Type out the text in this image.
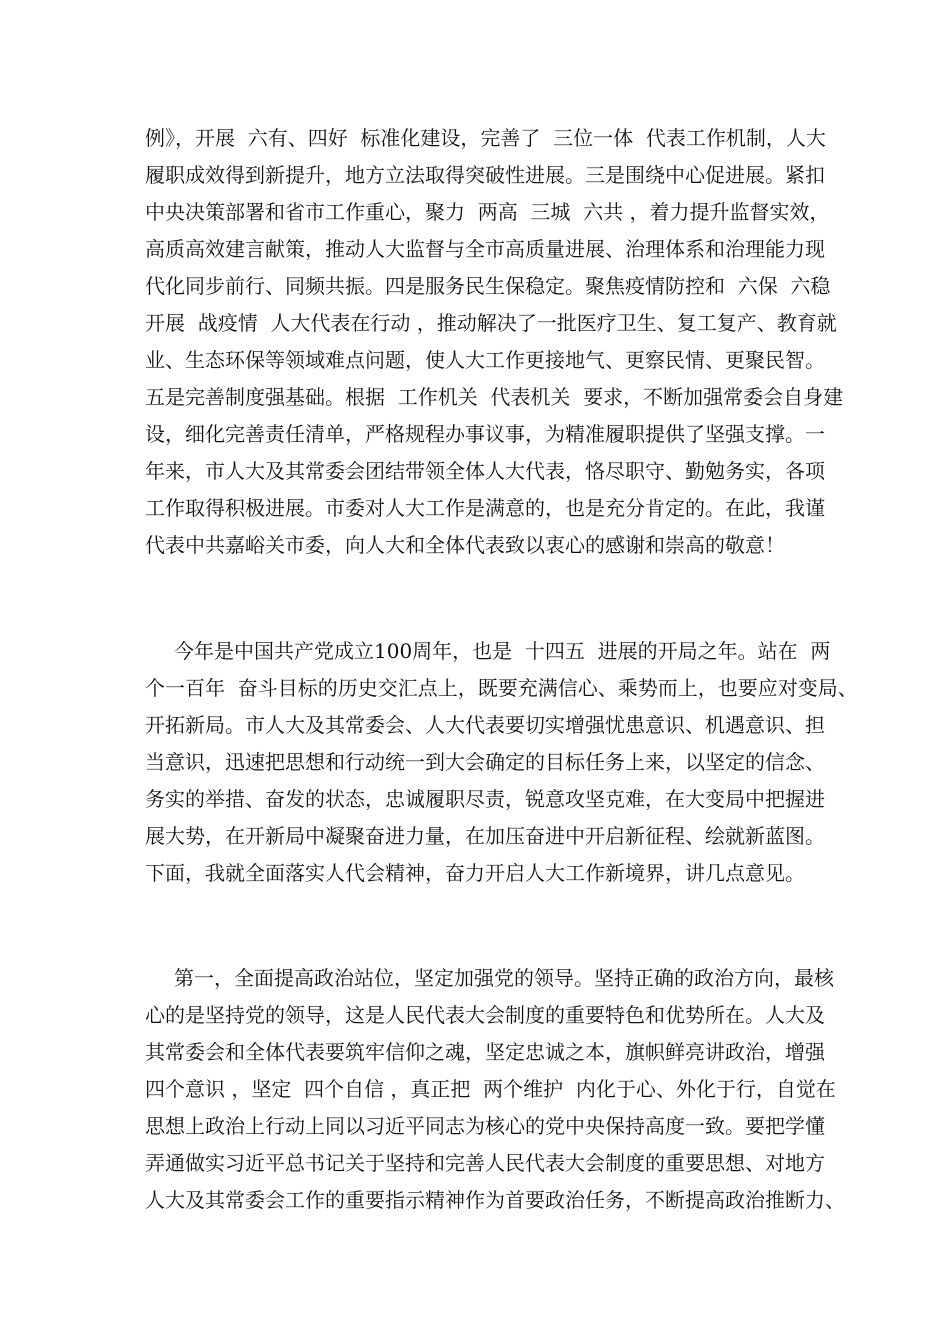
例》，开展  六有、四好  标准化建设，完善了  三位一体  代表工作机制，人大
履职成效得到新提升，地方立法取得突破性进展。三是围绕中心促进展。紧扣
中央决策部署和省市工作重心，聚力  两高  三城  六共 ，着力提升监督实效，
高质高效建言献策，推动人大监督与全市高质量进展、治理体系和治理能力现
代化同步前行、同频共振。四是服务民生保稳定。聚焦疫情防控和  六保  六稳
开展  战疫情  人大代表在行动 ，推动解决了一批医疗卫生、复工复产、教育就
业、生态环保等领域难点问题，使人大工作更接地气、更察民情、更聚民智。
五是完善制度强基础。根据  工作机关  代表机关  要求，不断加强常委会自身建
设，细化完善责任清单，严格规程办事议事，为精准履职提供了坚强支撑。一
年来，市人大及其常委会团结带领全体人大代表，恪尽职守、勤勉务实，各项
工作取得积极进展。市委对人大工作是满意的，也是充分肯定的。在此，我谨
代表中共嘉峪关市委，向人大和全体代表致以衷心的感谢和崇高的敬意！
今年是中国共产党成立100周年，也是  十四五  进展的开局之年。站在  两
个一百年  奋斗目标的历史交汇点上，既要充满信心、乘势而上，也要应对变局、
开拓新局。市人大及其常委会、人大代表要切实增强忧患意识、机遇意识、担
当意识，迅速把思想和行动统一到大会确定的目标任务上来，以坚定的信念、
务实的举措、奋发的状态，忠诚履职尽责，锐意攻坚克难，在大变局中把握进
展大势，在开新局中凝聚奋进力量，在加压奋进中开启新征程、绘就新蓝图。
下面，我就全面落实人代会精神，奋力开启人大工作新境界，讲几点意见。
第一，全面提高政治站位，坚定加强党的领导。坚持正确的政治方向，最核
心的是坚持党的领导，这是人民代表大会制度的重要特色和优势所在。人大及
其常委会和全体代表要筑牢信仰之魂，坚定忠诚之本，旗帜鲜亮讲政治，增强
四个意识 ，坚定  四个自信 ，真正把  两个维护  内化于心、外化于行，自觉在
思想上政治上行动上同以习近平同志为核心的党中央保持高度一致。要把学懂
弄通做实习近平总书记关于坚持和完善人民代表大会制度的重要思想、对地方
人大及其常委会工作的重要指示精神作为首要政治任务，不断提高政治推断力、
